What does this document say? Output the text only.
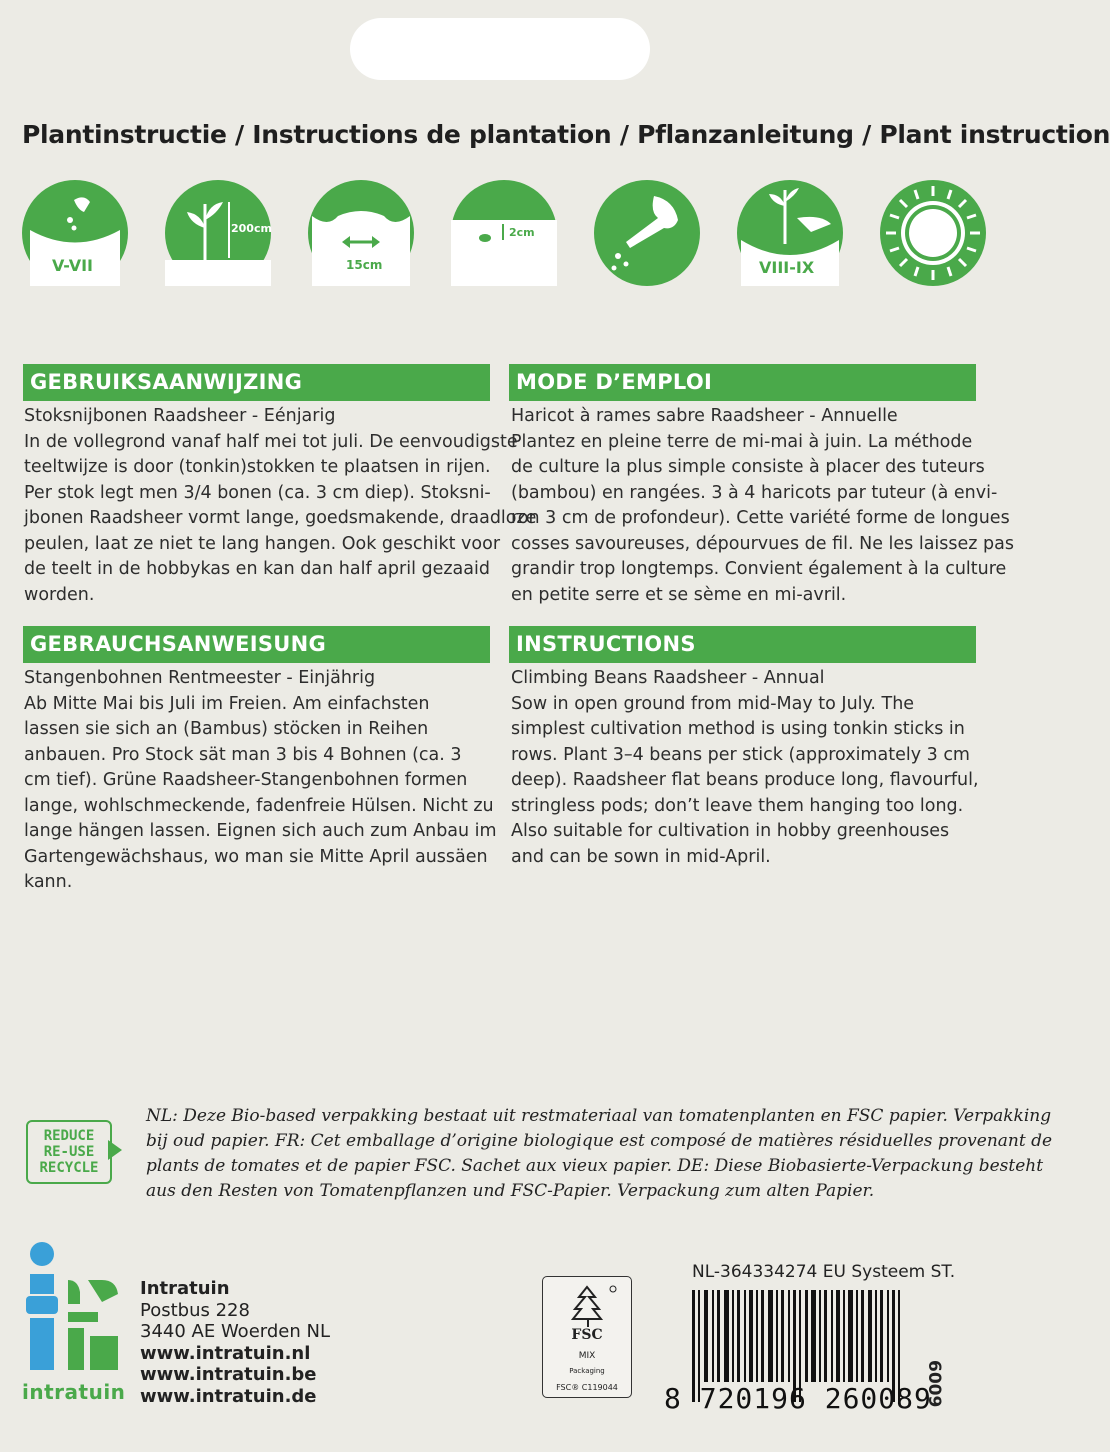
Plantinstructie / Instructions de plantation / Pflanzanleitung / Plant instruction
V-VII
200cm
15cm
2cm
VIII-IX
GEBRUIKSAANWIJZING
Stoksnijbonen Raadsheer - Eénjarig
In de vollegrond vanaf half mei tot juli. De eenvoudigste
teeltwijze is door (tonkin)stokken te plaatsen in rijen.
Per stok legt men 3/4 bonen (ca. 3 cm diep). Stoksni-
jbonen Raadsheer vormt lange, goedsmakende, draadloze
peulen, laat ze niet te lang hangen. Ook geschikt voor
de teelt in de hobbykas en kan dan half april gezaaid
worden.
MODE D’EMPLOI
Haricot à rames sabre Raadsheer - Annuelle
Plantez en pleine terre de mi-mai à juin. La méthode
de culture la plus simple consiste à placer des tuteurs
(bambou) en rangées. 3 à 4 haricots par tuteur (à envi-
ron 3 cm de profondeur). Cette variété forme de longues
cosses savoureuses, dépourvues de fil. Ne les laissez pas
grandir trop longtemps. Convient également à la culture
en petite serre et se sème en mi-avril.
GEBRAUCHSANWEISUNG
Stangenbohnen Rentmeester - Einjährig
Ab Mitte Mai bis Juli im Freien. Am einfachsten
lassen sie sich an (Bambus) stöcken in Reihen
anbauen. Pro Stock sät man 3 bis 4 Bohnen (ca. 3
cm tief). Grüne Raadsheer-Stangenbohnen formen
lange, wohlschmeckende, fadenfreie Hülsen. Nicht zu
lange hängen lassen. Eignen sich auch zum Anbau im
Gartengewächshaus, wo man sie Mitte April aussäen
kann.
INSTRUCTIONS
Climbing Beans Raadsheer - Annual
Sow in open ground from mid-May to July. The
simplest cultivation method is using tonkin sticks in
rows. Plant 3–4 beans per stick (approximately 3 cm
deep). Raadsheer flat beans produce long, flavourful,
stringless pods; don’t leave them hanging too long.
Also suitable for cultivation in hobby greenhouses
and can be sown in mid-April.
REDUCE
RE-USE
RECYCLE
NL: Deze Bio-based verpakking bestaat uit restmateriaal van tomatenplanten en FSC papier. Verpakking
bij oud papier. FR: Cet emballage d’origine biologique est composé de matières résiduelles provenant de
plants de tomates et de papier FSC. Sachet aux vieux papier. DE: Diese Biobasierte-Verpackung besteht
aus den Resten von Tomatenpflanzen und FSC-Papier. Verpackung zum alten Papier.
intratuin
Intratuin
Postbus 228
3440 AE Woerden NL
www.intratuin.nl
www.intratuin.be
www.intratuin.de
FSC
MIX
Packaging
FSC® C119044
NL-364334274 EU Systeem ST.
8 720196 260089
6009
